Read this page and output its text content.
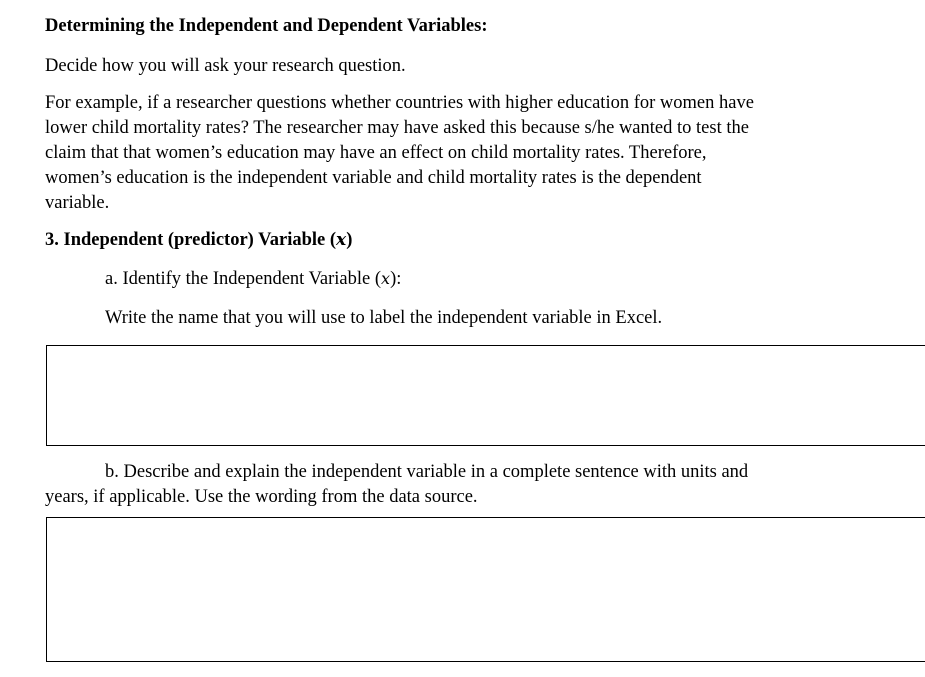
Determining the Independent and Dependent Variables:
Decide how you will ask your research question.
For example, if a researcher questions whether countries with higher education for women have
lower child mortality rates? The researcher may have asked this because s/he wanted to test the
claim that that women’s education may have an effect on child mortality rates. Therefore,
women’s education is the independent variable and child mortality rates is the dependent
variable.
3. Independent (predictor) Variable (x)
a. Identify the Independent Variable (x):
Write the name that you will use to label the independent variable in Excel.
b. Describe and explain the independent variable in a complete sentence with units and
years, if applicable. Use the wording from the data source.
